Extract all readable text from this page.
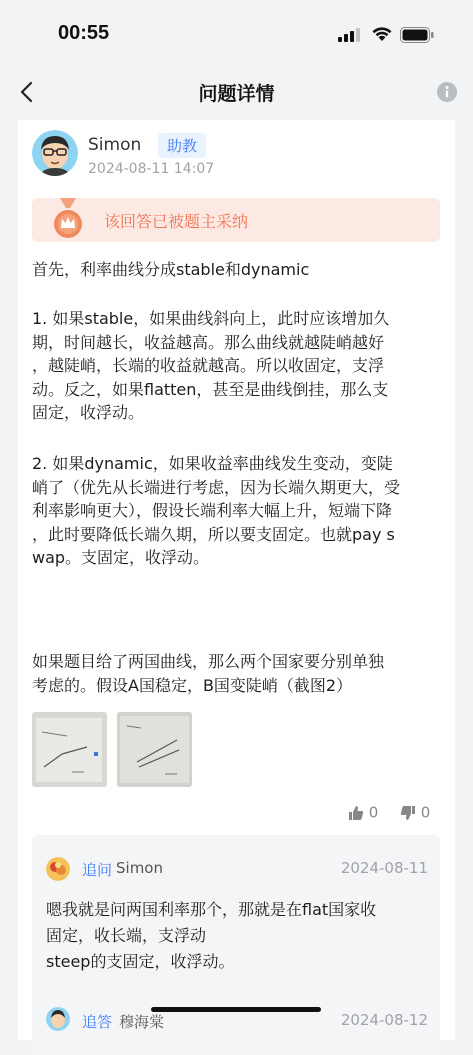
00:55
问题详情
Simon	助教
2024-08-11 14:07
该回答已被题主采纳
首先，利率曲线分成stable和dynamic
1. 如果stable，如果曲线斜向上，此时应该增加久
期，时间越长，收益越高。那么曲线就越陡峭越好
，越陡峭，长端的收益就越高。所以收固定，支浮
动。反之，如果flatten，甚至是曲线倒挂，那么支
固定，收浮动。
2. 如果dynamic，如果收益率曲线发生变动，变陡
峭了（优先从长端进行考虑，因为长端久期更大，受
利率影响更大），假设长端利率大幅上升，短端下降
，此时要降低长端久期，所以要支固定。也就pay s
wap。支固定，收浮动。
如果题目给了两国曲线，那么两个国家要分别单独
考虑的。假设A国稳定，B国变陡峭（截图2）
0	0
追问 Simon	2024-08-11
嗯我就是问两国利率那个，那就是在flat国家收
固定，收长端，支浮动
steep的支固定，收浮动。
追答 穆海棠	2024-08-12
